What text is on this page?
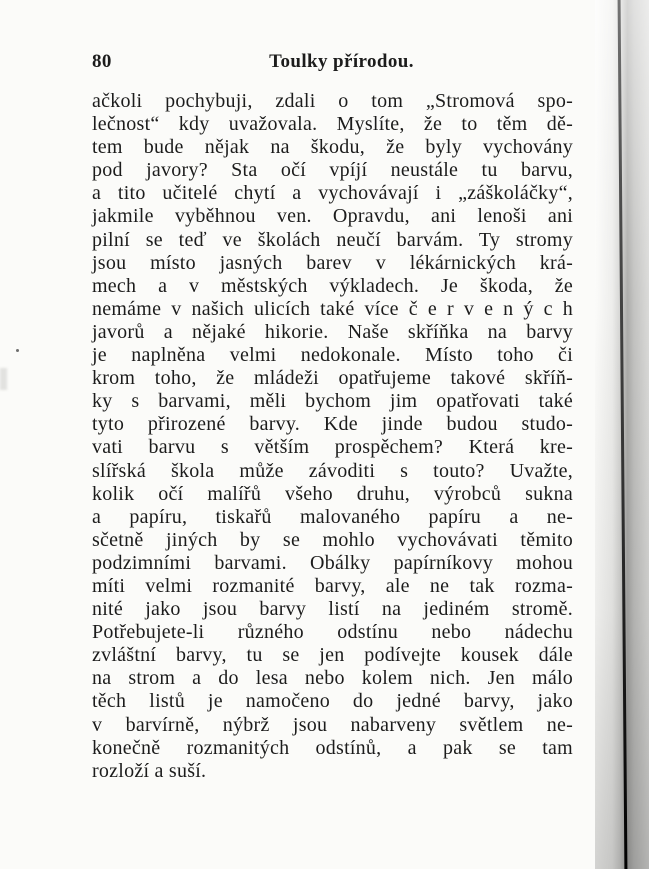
80	Toulky přírodou.
ačkoli pochybuji, zdali o tom „Stromová spo-
lečnost“ kdy uvažovala. Myslíte, že to těm dě-
tem bude nějak na škodu, že byly vychovány
pod javory? Sta očí vpíjí neustále tu barvu,
a tito učitelé chytí a vychovávají i „záškoláčky“,
jakmile vyběhnou ven. Opravdu, ani lenoši ani
pilní se teď ve školách neučí barvám. Ty stromy
jsou místo jasných barev v lékárnických krá-
mech a v městských výkladech. Je škoda, že
nemáme v našich ulicích také více č e r v e n ý c h
javorů a nějaké hikorie. Naše skříňka na barvy
je naplněna velmi nedokonale. Místo toho či
krom toho, že mládeži opatřujeme takové skříň-
ky s barvami, měli bychom jim opatřovati také
tyto přirozené barvy. Kde jinde budou studo-
vati barvu s větším prospěchem? Která kre-
slířská škola může závoditi s touto? Uvažte,
kolik očí malířů všeho druhu, výrobců sukna
a papíru, tiskařů malovaného papíru a ne-
sčetně jiných by se mohlo vychovávati těmito
podzimními barvami. Obálky papírníkovy mohou
míti velmi rozmanité barvy, ale ne tak rozma-
nité jako jsou barvy listí na jediném stromě.
Potřebujete-li různého odstínu nebo nádechu
zvláštní barvy, tu se jen podívejte kousek dále
na strom a do lesa nebo kolem nich. Jen málo
těch listů je namočeno do jedné barvy, jako
v barvírně, nýbrž jsou nabarveny světlem ne-
konečně rozmanitých odstínů, a pak se tam
rozloží a suší.
